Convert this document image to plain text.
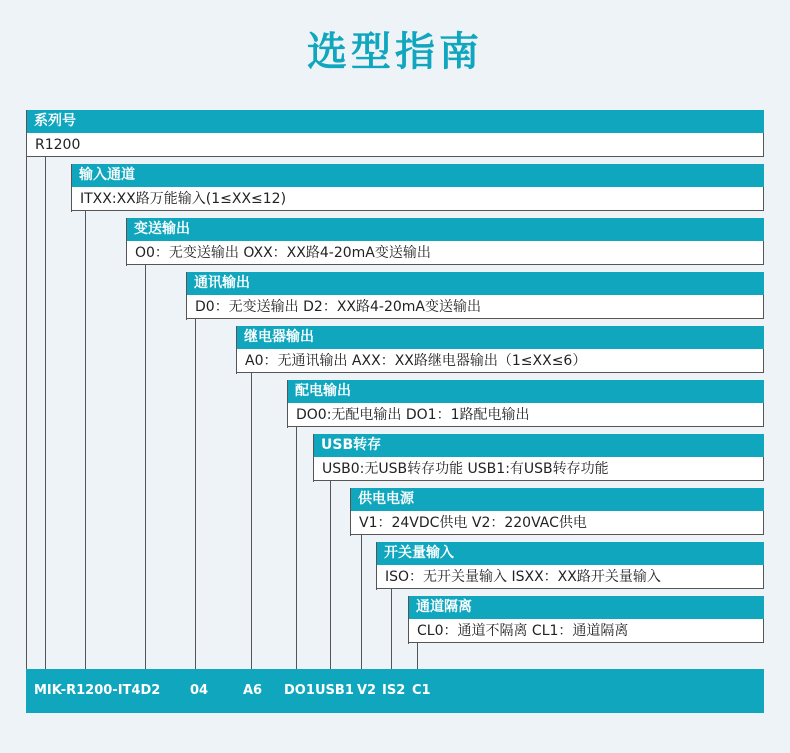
选型指南
系列号
R1200
输入通道
ITXX:XX路万能输入(1≤XX≤12)
变送输出
O0：无变送输出 OXX：XX路4-20mA变送输出
通讯输出
D0：无变送输出 D2：XX路4-20mA变送输出
继电器输出
A0：无通讯输出 AXX：XX路继电器输出（1≤XX≤6）
配电输出
DO0:无配电输出 DO1：1路配电输出
USB转存
USB0:无USB转存功能 USB1:有USB转存功能
供电电源
V1：24VDC供电 V2：220VAC供电
开关量输入
ISO：无开关量输入 ISXX：XX路开关量输入
通道隔离
CL0：通道不隔离 CL1：通道隔离
MIK-R1200-IT4D2 04	A6 DO1 USB1 V2 IS2 C1
